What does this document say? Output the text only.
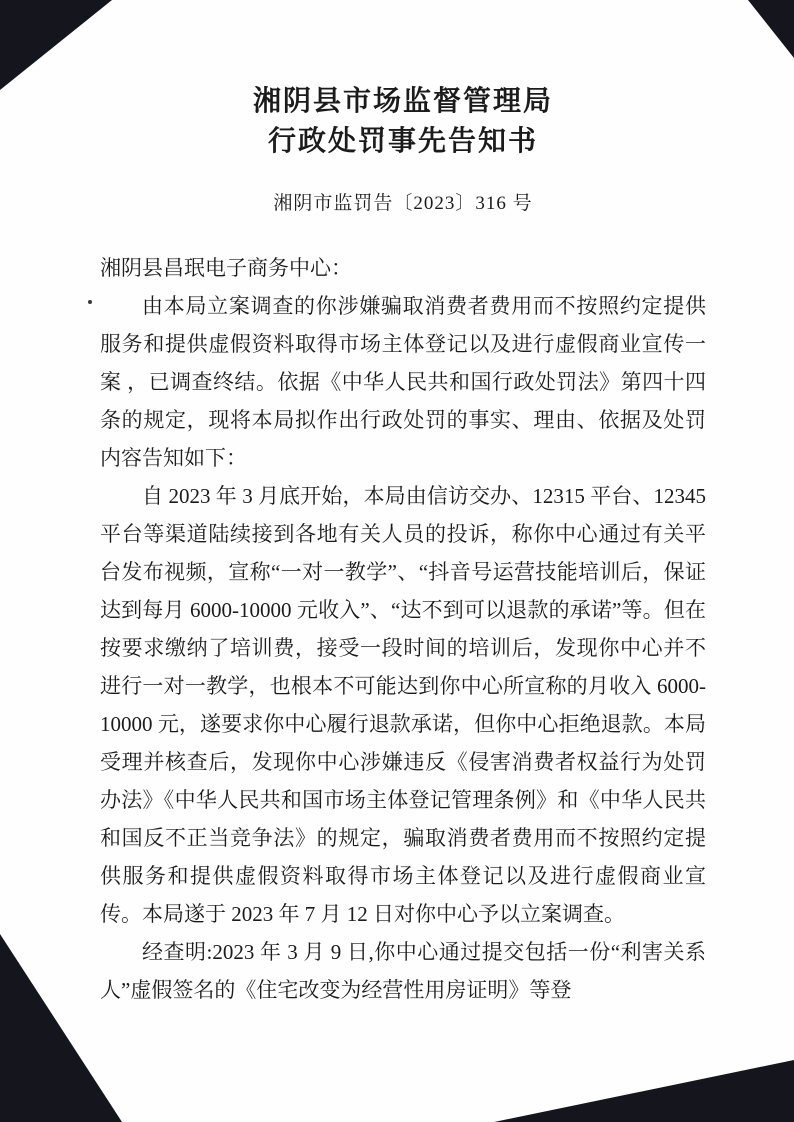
湘阴县市场监督管理局
行政处罚事先告知书
湘阴市监罚告〔2023〕316 号

湘阴县昌珉电子商务中心：

由本局立案调查的你涉嫌骗取消费者费用而不按照约定提供服务和提供虚假资料取得市场主体登记以及进行虚假商业宣传一案 ，已调查终结。依据《中华人民共和国行政处罚法》第四十四条的规定，现将本局拟作出行政处罚的事实、理由、依据及处罚内容告知如下：

自 2023 年 3 月底开始，本局由信访交办、12315 平台、12345 平台等渠道陆续接到各地有关人员的投诉，称你中心通过有关平台发布视频，宣称“一对一教学”、“抖音号运营技能培训后，保证达到每月 6000-10000 元收入”、“达不到可以退款的承诺”等。但在按要求缴纳了培训费，接受一段时间的培训后，发现你中心并不进行一对一教学，也根本不可能达到你中心所宣称的月收入 6000-10000 元，遂要求你中心履行退款承诺，但你中心拒绝退款。本局受理并核查后，发现你中心涉嫌违反《侵害消费者权益行为处罚办法》《中华人民共和国市场主体登记管理条例》和《中华人民共和国反不正当竞争法》的规定，骗取消费者费用而不按照约定提供服务和提供虚假资料取得市场主体登记以及进行虚假商业宣传。本局遂于 2023 年 7 月 12 日对你中心予以立案调查。

经查明:2023 年 3 月 9 日,你中心通过提交包括一份“利害关系人”虚假签名的《住宅改变为经营性用房证明》等登
